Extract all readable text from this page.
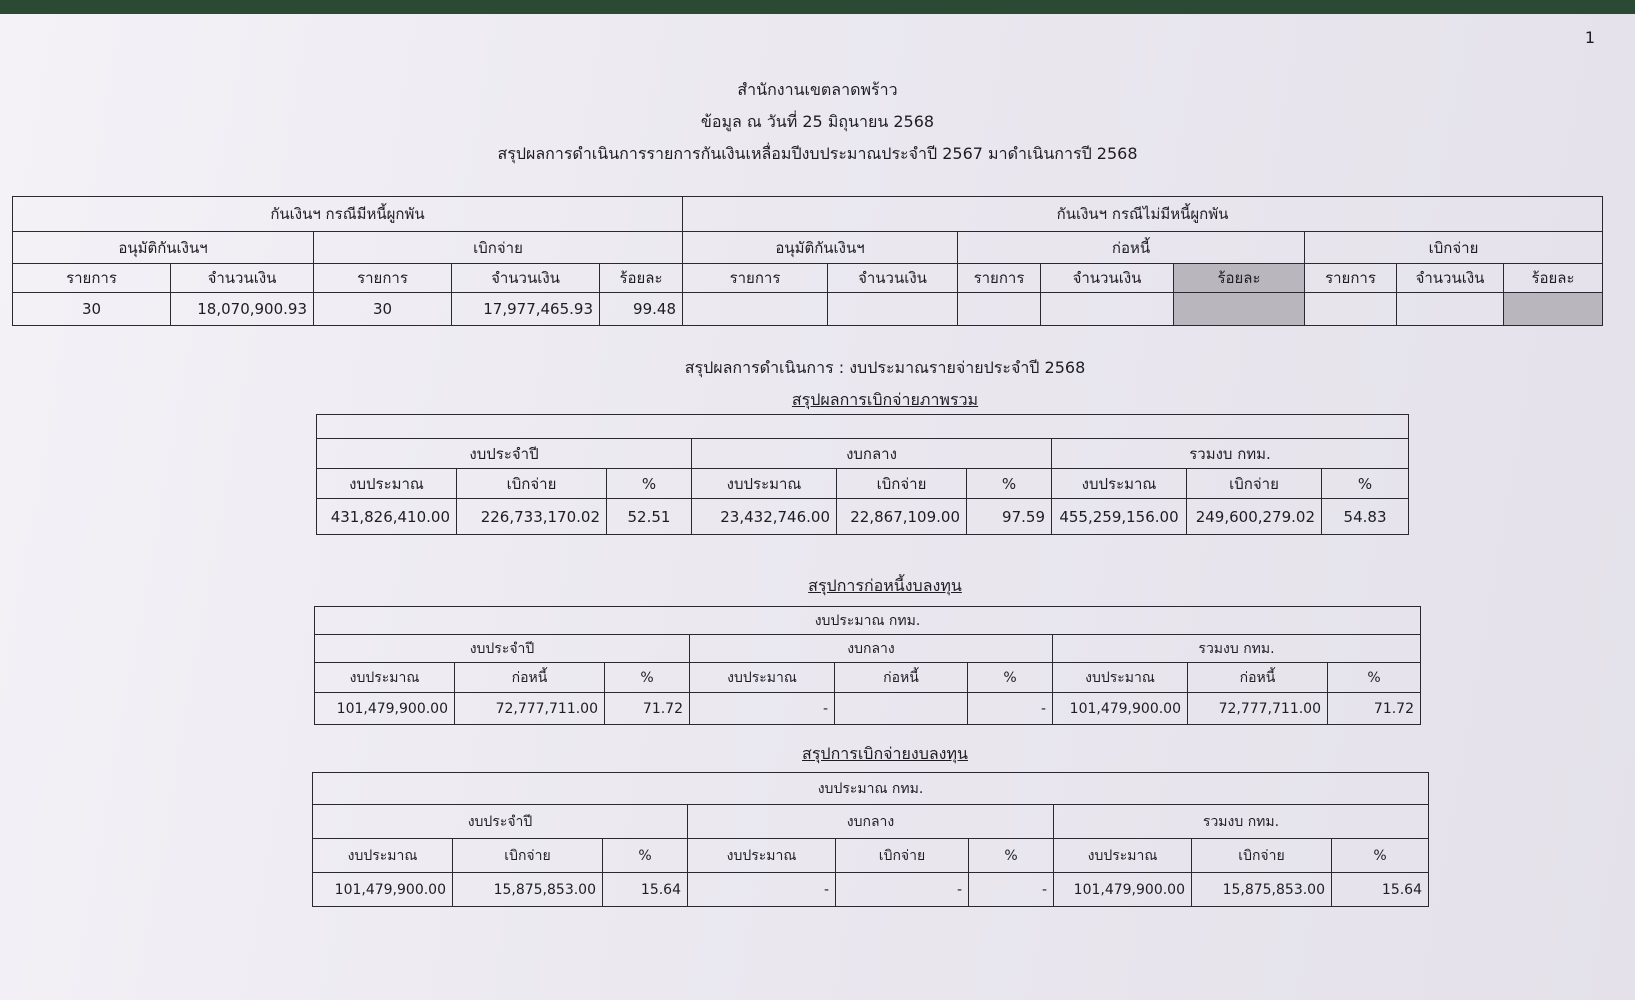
1
สำนักงานเขตลาดพร้าว
ข้อมูล ณ วันที่ 25 มิถุนายน 2568
สรุปผลการดำเนินการรายการกันเงินเหลื่อมปีงบประมาณประจำปี 2567 มาดำเนินการปี 2568
กันเงินฯ กรณีมีหนี้ผูกพัน					กันเงินฯ กรณีไม่มีหนี้ผูกพัน							
อนุมัติกันเงินฯ		เบิกจ่าย			อนุมัติกันเงินฯ		ก่อหนี้			เบิกจ่าย		
รายการ	จำนวนเงิน	รายการ	จำนวนเงิน	ร้อยละ	รายการ	จำนวนเงิน	รายการ	จำนวนเงิน	ร้อยละ	รายการ	จำนวนเงิน	ร้อยละ
30	18,070,900.93	30	17,977,465.93	99.48								
สรุปผลการดำเนินการ : งบประมาณรายจ่ายประจำปี 2568
สรุปผลการเบิกจ่ายภาพรวม

งบประจำปี			งบกลาง			รวมงบ กทม.		
งบประมาณ	เบิกจ่าย	%	งบประมาณ	เบิกจ่าย	%	งบประมาณ	เบิกจ่าย	%
431,826,410.00	226,733,170.02	52.51	23,432,746.00	22,867,109.00	97.59	455,259,156.00	249,600,279.02	54.83
สรุปการก่อหนี้งบลงทุน
งบประมาณ กทม.								
งบประจำปี			งบกลาง			รวมงบ กทม.		
งบประมาณ	ก่อหนี้	%	งบประมาณ	ก่อหนี้	%	งบประมาณ	ก่อหนี้	%
101,479,900.00	72,777,711.00	71.72	-		-	101,479,900.00	72,777,711.00	71.72
สรุปการเบิกจ่ายงบลงทุน
งบประมาณ กทม.								
งบประจำปี			งบกลาง			รวมงบ กทม.		
งบประมาณ	เบิกจ่าย	%	งบประมาณ	เบิกจ่าย	%	งบประมาณ	เบิกจ่าย	%
101,479,900.00	15,875,853.00	15.64	-	-	-	101,479,900.00	15,875,853.00	15.64
